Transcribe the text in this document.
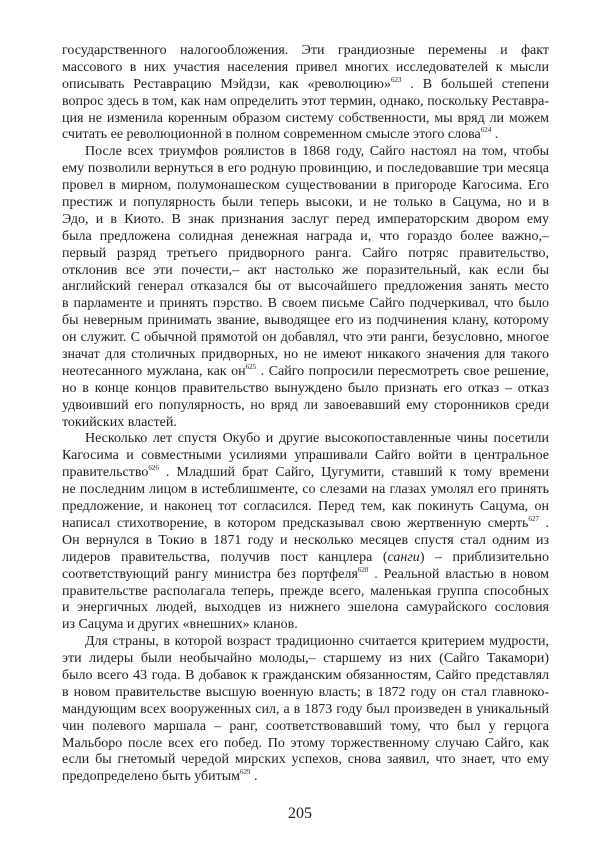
государственного налогообложения. Эти грандиозные перемены и факт
массового в них участия населения привел многих исследователей к мысли
описывать Реставрацию Мэйдзи, как «революцию»$^{623}$ . В большей степени
вопрос здесь в том, как нам определить этот термин, однако, поскольку Реставра-
ция не изменила коренным образом систему собственности, мы вряд ли можем
считать ее революционной в полном современном смысле этого слова$^{624}$ .
После всех триумфов роялистов в 1868 году, Сайго настоял на том, чтобы
ему позволили вернуться в его родную провинцию, и последовавшие три месяца
провел в мирном, полумонашеском существовании в пригороде Кагосима. Его
престиж и популярность были теперь высоки, и не только в Сацума, но и в
Эдо, и в Киото. В знак признания заслуг перед императорским двором ему
была предложена солидная денежная награда и, что гораздо более важно,–
первый разряд третьего придворного ранга. Сайго потряс правительство,
отклонив все эти почести,– акт настолько же поразительный, как если бы
английский генерал отказался бы от высочайшего предложения занять место
в парламенте и принять пэрство. В своем письме Сайго подчеркивал, что было
бы неверным принимать звание, выводящее его из подчинения клану, которому
он служит. С обычной прямотой он добавлял, что эти ранги, безусловно, многое
значат для столичных придворных, но не имеют никакого значения для такого
неотесанного мужлана, как $он^{625}$ . Сайго попросили пересмотреть свое решение,
но в конце концов правительство вынуждено было признать его отказ – отказ
удвоивший его популярность, но вряд ли завоевавший ему сторонников среди
токийских властей.
Несколько лет спустя Окубо и другие высокопоставленные чины посетили
Кагосима и совместными усилиями упрашивали Сайго войти в центральное
правительство$^{626}$ . Младший брат Сайго, Цугумити, ставший к тому времени
не последним лицом в истеблишменте, со слезами на глазах умолял его принять
предложение, и наконец тот согласился. Перед тем, как покинуть Сацума, он
написал стихотворение, в котором предсказывал свою жертвенную смерть$^{627}$ .
Он вернулся в Токио в 1871 году и несколько месяцев спустя стал одним из
лидеров правительства, получив пост канцлера (санги) – приблизительно
соответствующий рангу министра без портфеля$^{628}$ . Реальной властью в новом
правительстве располагала теперь, прежде всего, маленькая группа способных
и энергичных людей, выходцев из нижнего эшелона самурайского сословия
из Сацума и других «внешних» кланов.
Для страны, в которой возраст традиционно считается критерием мудрости,
эти лидеры были необычайно молоды,– старшему из них (Сайго Такамори)
было всего 43 года. В добавок к гражданским обязанностям, Сайго представлял
в новом правительстве высшую военную власть; в 1872 году он стал главноко-
мандующим всех вооруженных сил, а в 1873 году был произведен в уникальный
чин полевого маршала – ранг, соответствовавший тому, что был у герцога
Мальборо после всех его побед. По этому торжественному случаю Сайго, как
если бы гнетомый чередой мирских успехов, снова заявил, что знает, что ему
предопределено быть убитым$^{629}$ .
205
